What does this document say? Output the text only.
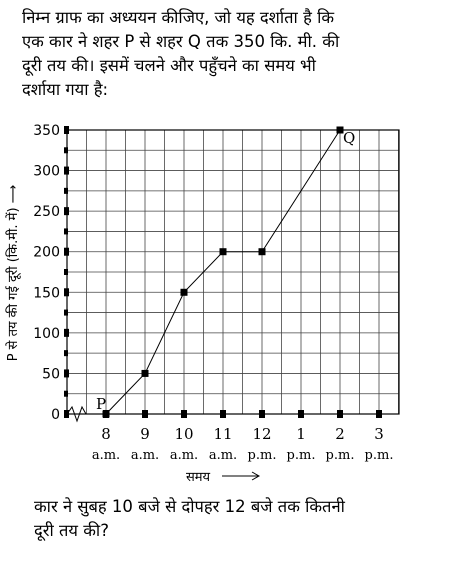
निम्न ग्राफ का अध्ययन कीजिए, जो यह दर्शाता है कि

एक कार ने शहर P से शहर Q तक 350 कि. मी. की

दूरी तय की। इसमें चलने और पहुँचने का समय भी

दर्शाया गया है:

0
50
100
150
200
250
300
350
8
a.m.
9
a.m.
10
a.m.
11
a.m.
12
p.m.
1
p.m.
2
p.m.
3
p.m.
P
Q
P से तय की गई दूरी (कि.मी. में) ⟶
समय

कार ने सुबह 10 बजे से दोपहर 12 बजे तक कितनी

दूरी तय की?
